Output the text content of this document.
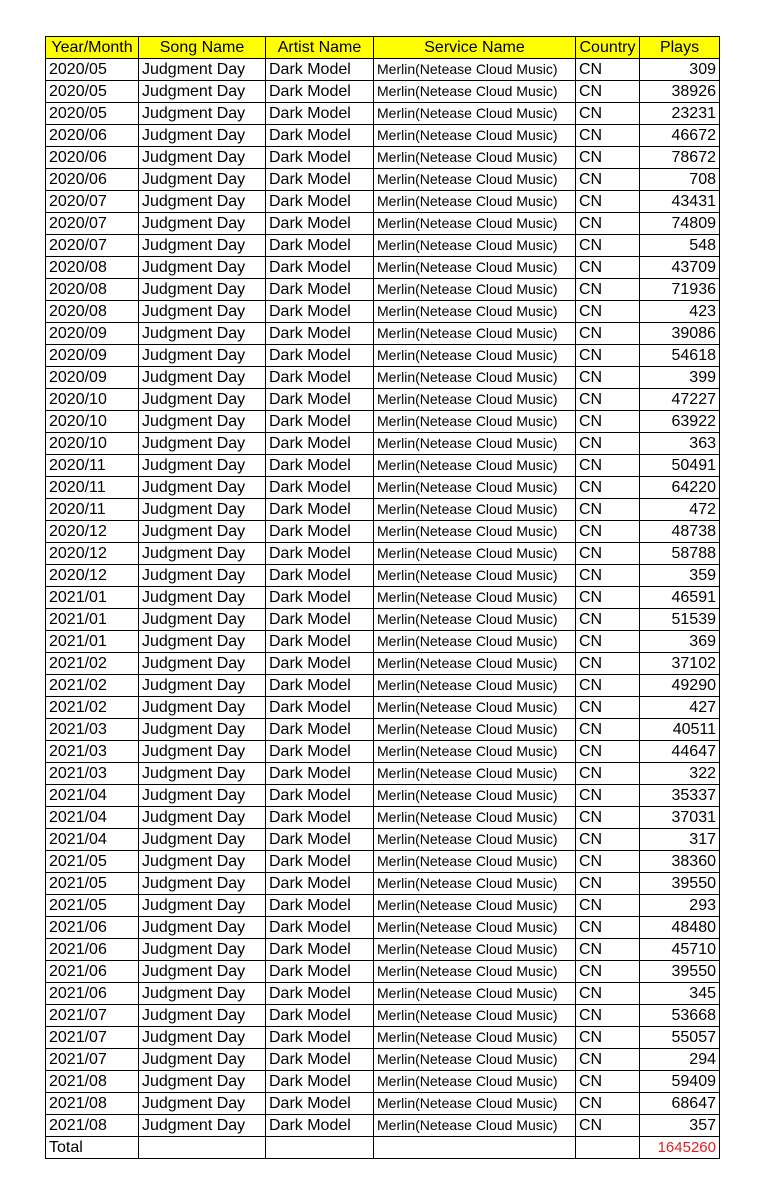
Year/Month	Song Name	Artist Name	Service Name	Country	Plays
2020/05	Judgment Day	Dark Model	Merlin(Netease Cloud Music)	CN	309
2020/05	Judgment Day	Dark Model	Merlin(Netease Cloud Music)	CN	38926
2020/05	Judgment Day	Dark Model	Merlin(Netease Cloud Music)	CN	23231
2020/06	Judgment Day	Dark Model	Merlin(Netease Cloud Music)	CN	46672
2020/06	Judgment Day	Dark Model	Merlin(Netease Cloud Music)	CN	78672
2020/06	Judgment Day	Dark Model	Merlin(Netease Cloud Music)	CN	708
2020/07	Judgment Day	Dark Model	Merlin(Netease Cloud Music)	CN	43431
2020/07	Judgment Day	Dark Model	Merlin(Netease Cloud Music)	CN	74809
2020/07	Judgment Day	Dark Model	Merlin(Netease Cloud Music)	CN	548
2020/08	Judgment Day	Dark Model	Merlin(Netease Cloud Music)	CN	43709
2020/08	Judgment Day	Dark Model	Merlin(Netease Cloud Music)	CN	71936
2020/08	Judgment Day	Dark Model	Merlin(Netease Cloud Music)	CN	423
2020/09	Judgment Day	Dark Model	Merlin(Netease Cloud Music)	CN	39086
2020/09	Judgment Day	Dark Model	Merlin(Netease Cloud Music)	CN	54618
2020/09	Judgment Day	Dark Model	Merlin(Netease Cloud Music)	CN	399
2020/10	Judgment Day	Dark Model	Merlin(Netease Cloud Music)	CN	47227
2020/10	Judgment Day	Dark Model	Merlin(Netease Cloud Music)	CN	63922
2020/10	Judgment Day	Dark Model	Merlin(Netease Cloud Music)	CN	363
2020/11	Judgment Day	Dark Model	Merlin(Netease Cloud Music)	CN	50491
2020/11	Judgment Day	Dark Model	Merlin(Netease Cloud Music)	CN	64220
2020/11	Judgment Day	Dark Model	Merlin(Netease Cloud Music)	CN	472
2020/12	Judgment Day	Dark Model	Merlin(Netease Cloud Music)	CN	48738
2020/12	Judgment Day	Dark Model	Merlin(Netease Cloud Music)	CN	58788
2020/12	Judgment Day	Dark Model	Merlin(Netease Cloud Music)	CN	359
2021/01	Judgment Day	Dark Model	Merlin(Netease Cloud Music)	CN	46591
2021/01	Judgment Day	Dark Model	Merlin(Netease Cloud Music)	CN	51539
2021/01	Judgment Day	Dark Model	Merlin(Netease Cloud Music)	CN	369
2021/02	Judgment Day	Dark Model	Merlin(Netease Cloud Music)	CN	37102
2021/02	Judgment Day	Dark Model	Merlin(Netease Cloud Music)	CN	49290
2021/02	Judgment Day	Dark Model	Merlin(Netease Cloud Music)	CN	427
2021/03	Judgment Day	Dark Model	Merlin(Netease Cloud Music)	CN	40511
2021/03	Judgment Day	Dark Model	Merlin(Netease Cloud Music)	CN	44647
2021/03	Judgment Day	Dark Model	Merlin(Netease Cloud Music)	CN	322
2021/04	Judgment Day	Dark Model	Merlin(Netease Cloud Music)	CN	35337
2021/04	Judgment Day	Dark Model	Merlin(Netease Cloud Music)	CN	37031
2021/04	Judgment Day	Dark Model	Merlin(Netease Cloud Music)	CN	317
2021/05	Judgment Day	Dark Model	Merlin(Netease Cloud Music)	CN	38360
2021/05	Judgment Day	Dark Model	Merlin(Netease Cloud Music)	CN	39550
2021/05	Judgment Day	Dark Model	Merlin(Netease Cloud Music)	CN	293
2021/06	Judgment Day	Dark Model	Merlin(Netease Cloud Music)	CN	48480
2021/06	Judgment Day	Dark Model	Merlin(Netease Cloud Music)	CN	45710
2021/06	Judgment Day	Dark Model	Merlin(Netease Cloud Music)	CN	39550
2021/06	Judgment Day	Dark Model	Merlin(Netease Cloud Music)	CN	345
2021/07	Judgment Day	Dark Model	Merlin(Netease Cloud Music)	CN	53668
2021/07	Judgment Day	Dark Model	Merlin(Netease Cloud Music)	CN	55057
2021/07	Judgment Day	Dark Model	Merlin(Netease Cloud Music)	CN	294
2021/08	Judgment Day	Dark Model	Merlin(Netease Cloud Music)	CN	59409
2021/08	Judgment Day	Dark Model	Merlin(Netease Cloud Music)	CN	68647
2021/08	Judgment Day	Dark Model	Merlin(Netease Cloud Music)	CN	357
Total					1645260
